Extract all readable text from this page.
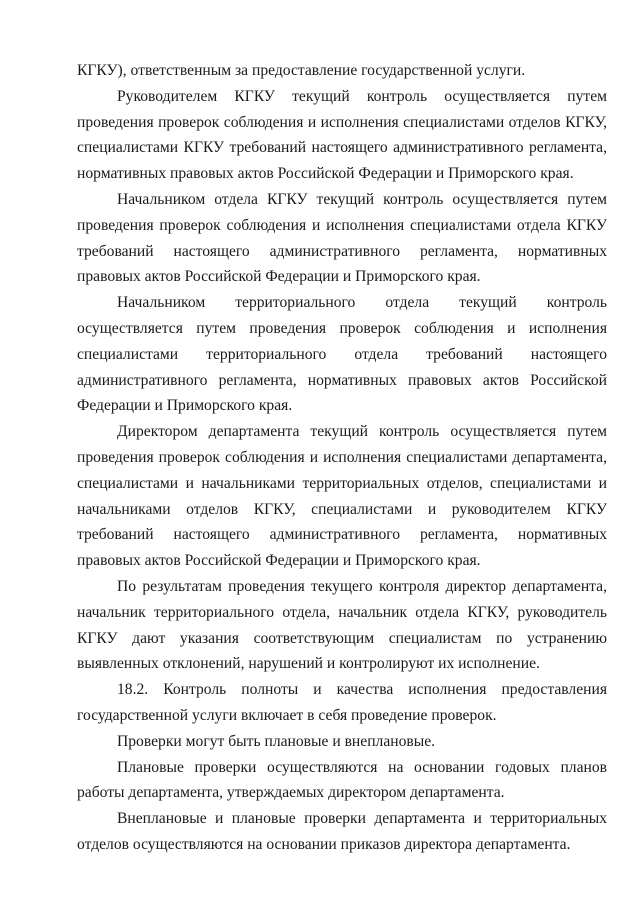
КГКУ), ответственным за предоставление государственной услуги.

Руководителем КГКУ текущий контроль осуществляется путем проведения проверок соблюдения и исполнения специалистами отделов КГКУ, специалистами КГКУ требований настоящего административного регламента, нормативных правовых актов Российской Федерации и Приморского края.

Начальником отдела КГКУ текущий контроль осуществляется путем проведения проверок соблюдения и исполнения специалистами отдела КГКУ требований настоящего административного регламента, нормативных правовых актов Российской Федерации и Приморского края.

Начальником территориального отдела текущий контроль осуществляется путем проведения проверок соблюдения и исполнения специалистами территориального отдела требований настоящего административного регламента, нормативных правовых актов Российской Федерации и Приморского края.

Директором департамента текущий контроль осуществляется путем проведения проверок соблюдения и исполнения специалистами департамента, специалистами и начальниками территориальных отделов, специалистами и начальниками отделов КГКУ, специалистами и руководителем КГКУ требований настоящего административного регламента, нормативных правовых актов Российской Федерации и Приморского края.

По результатам проведения текущего контроля директор департамента, начальник территориального отдела, начальник отдела КГКУ, руководитель КГКУ дают указания соответствующим специалистам по устранению выявленных отклонений, нарушений и контролируют их исполнение.

18.2. Контроль полноты и качества исполнения предоставления государственной услуги включает в себя проведение проверок.

Проверки могут быть плановые и внеплановые.

Плановые проверки осуществляются на основании годовых планов работы департамента, утверждаемых директором департамента.

Внеплановые и плановые проверки департамента и территориальных отделов осуществляются на основании приказов директора департамента.
